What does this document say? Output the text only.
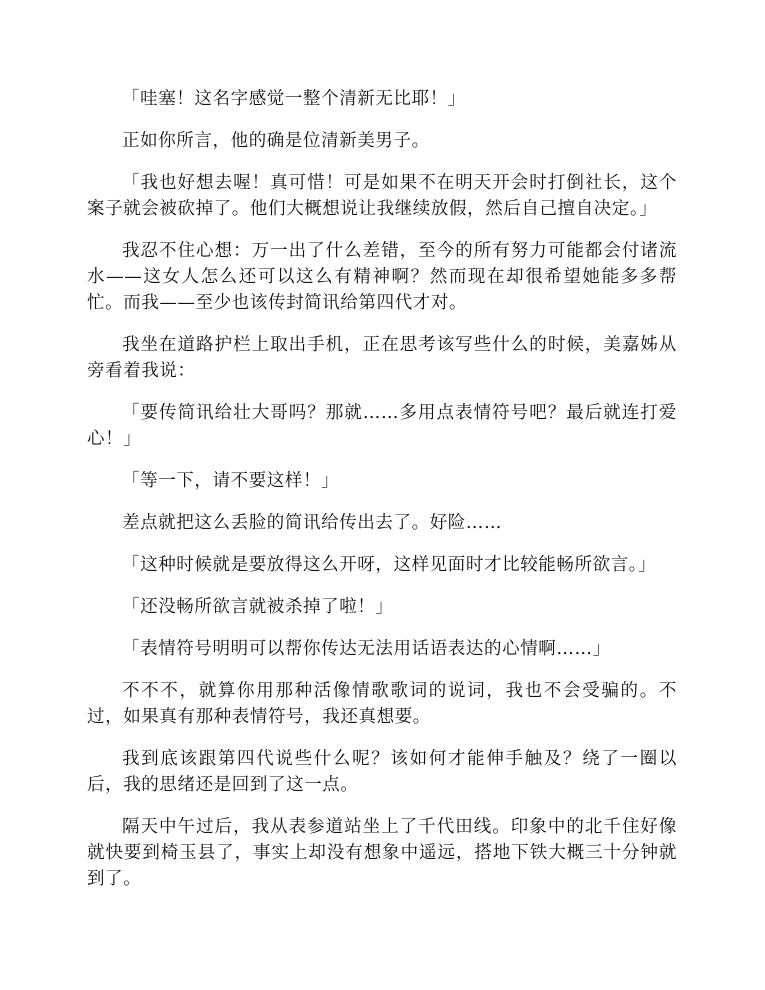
「哇塞！这名字感觉一整个清新无比耶！」

正如你所言，他的确是位清新美男子。

「我也好想去喔！真可惜！可是如果不在明天开会时打倒社长，这个案子就会被砍掉了。他们大概想说让我继续放假，然后自己擅自决定。」

我忍不住心想：万一出了什么差错，至今的所有努力可能都会付诸流水——这女人怎么还可以这么有精神啊？然而现在却很希望她能多多帮忙。而我——至少也该传封简讯给第四代才对。

我坐在道路护栏上取出手机，正在思考该写些什么的时候，美嘉姊从旁看着我说：

「要传简讯给壮大哥吗？那就……多用点表情符号吧？最后就连打爱心！」

「等一下，请不要这样！」

差点就把这么丢脸的简讯给传出去了。好险……

「这种时候就是要放得这么开呀，这样见面时才比较能畅所欲言。」

「还没畅所欲言就被杀掉了啦！」

「表情符号明明可以帮你传达无法用话语表达的心情啊……」

不不不，就算你用那种活像情歌歌词的说词，我也不会受骗的。不过，如果真有那种表情符号，我还真想要。

我到底该跟第四代说些什么呢？该如何才能伸手触及？绕了一圈以后，我的思绪还是回到了这一点。

隔天中午过后，我从表参道站坐上了千代田线。印象中的北千住好像就快要到椅玉县了，事实上却没有想象中遥远，搭地下铁大概三十分钟就到了。
